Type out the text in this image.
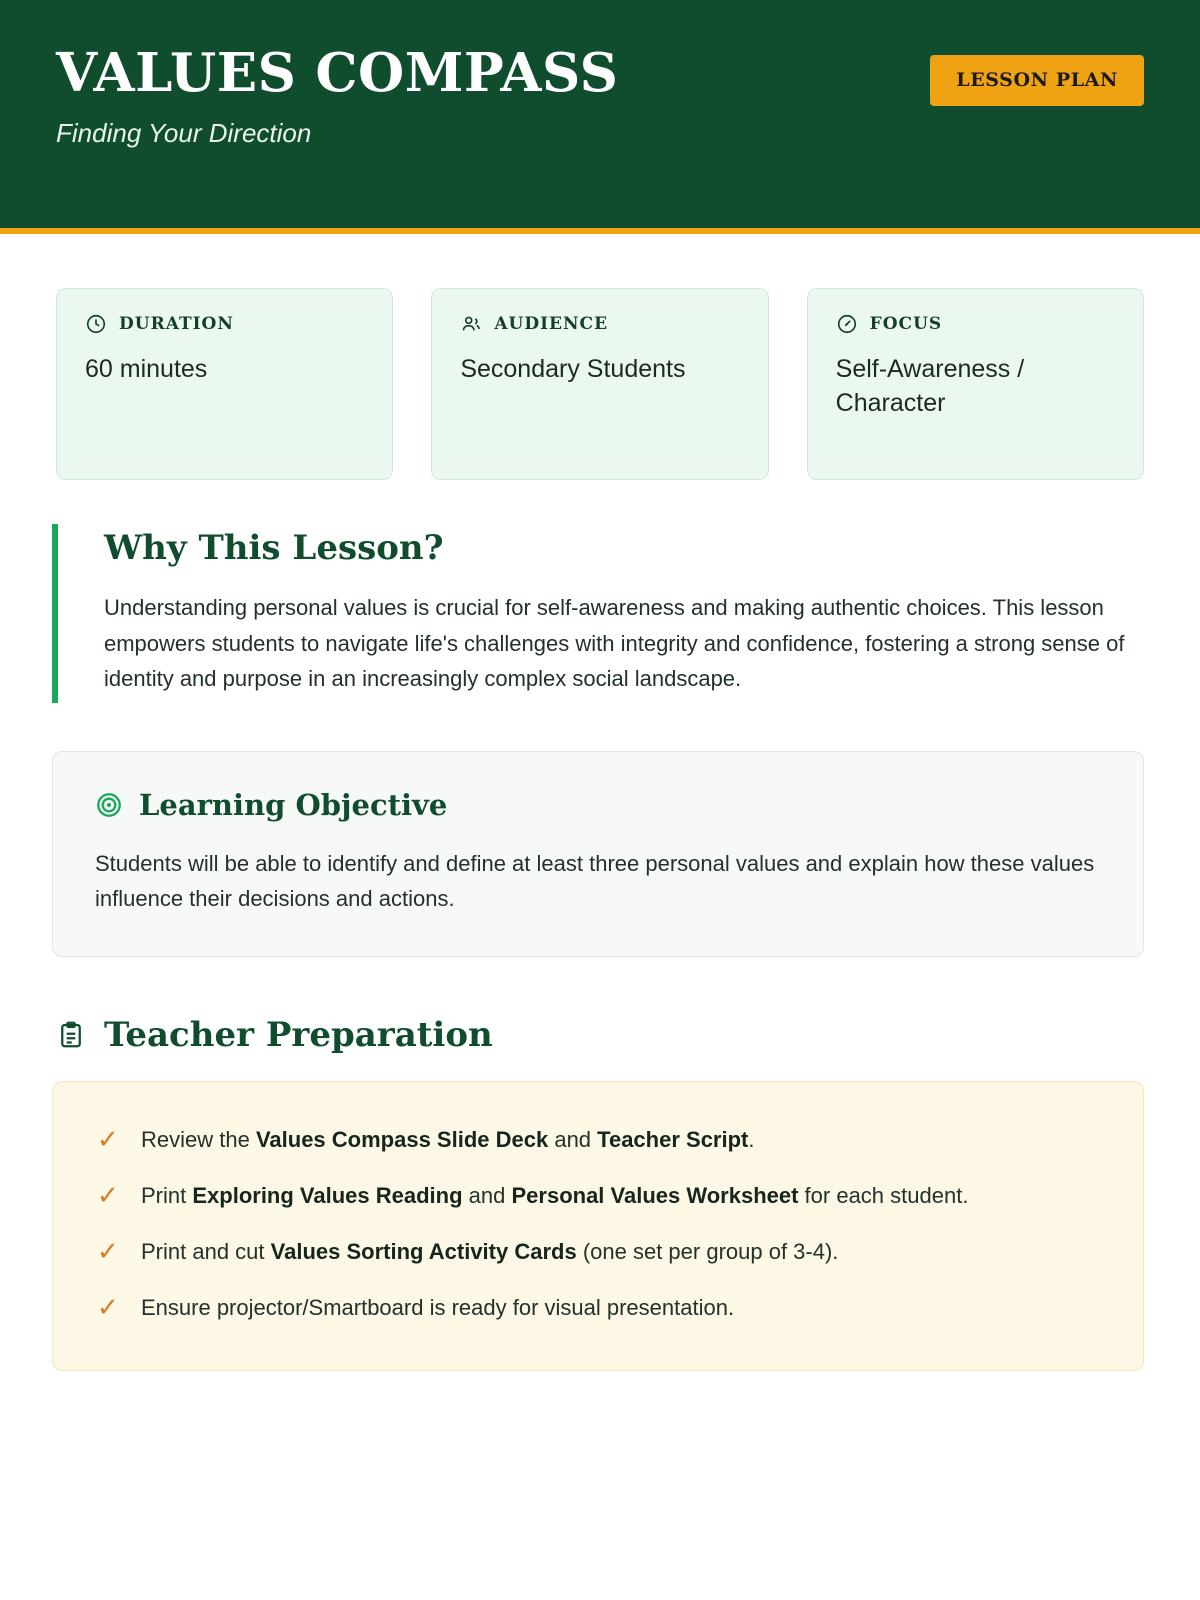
VALUES COMPASS

Finding Your Direction

LESSON PLAN
DURATION
60 minutes
AUDIENCE
Secondary Students
FOCUS
Self-Awareness / Character
Why This Lesson?

Understanding personal values is crucial for self-awareness and making authentic choices. This lesson empowers students to navigate life's challenges with integrity and confidence, fostering a strong sense of identity and purpose in an increasingly complex social landscape.

Learning Objective

Students will be able to identify and define at least three personal values and explain how these values influence their decisions and actions.

Teacher Preparation
✓ Review the Values Compass Slide Deck and Teacher Script.
✓ Print Exploring Values Reading and Personal Values Worksheet for each student.
✓ Print and cut Values Sorting Activity Cards (one set per group of 3-4).
✓ Ensure projector/Smartboard is ready for visual presentation.
